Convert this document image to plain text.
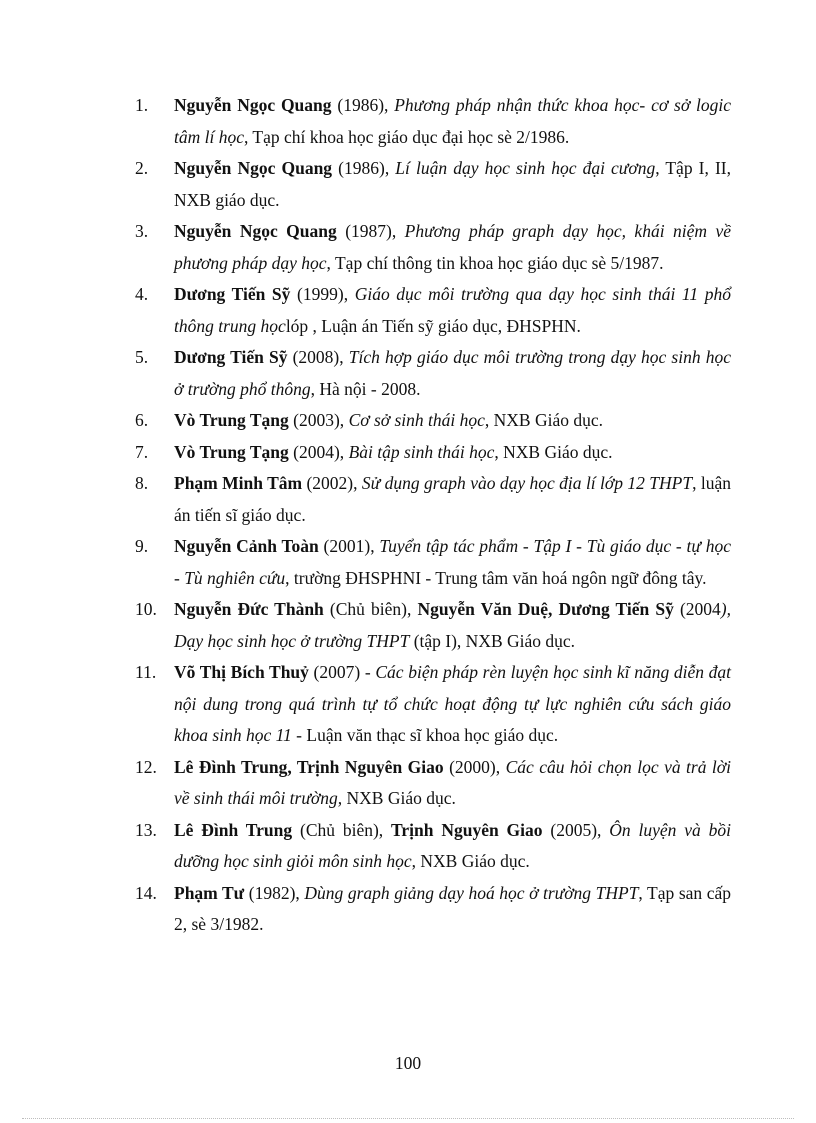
1.	Nguyễn Ngọc Quang (1986), Phương pháp nhận thức khoa học- cơ sở logic tâm lí học, Tạp chí khoa học giáo dục đại học sè 2/1986.
2.	Nguyễn Ngọc Quang (1986), Lí luận dạy học sinh học đại cương, Tập I, II, NXB giáo dục.
3.	Nguyễn Ngọc Quang (1987), Phương pháp graph dạy học, khái niệm về phương pháp dạy học, Tạp chí thông tin khoa học giáo dục sè 5/1987.
4.	Dương Tiến Sỹ (1999), Giáo dục môi trường qua dạy học sinh thái 11 phổ thông trung họclóp , Luận án Tiến sỹ giáo dục, ĐHSPHN.
5.	Dương Tiến Sỹ (2008), Tích hợp giáo dục môi trường trong dạy học sinh học ở trường phổ thông, Hà nội - 2008.
6.	Vò Trung Tạng (2003), Cơ sở sinh thái học, NXB Giáo dục.
7.	Vò Trung Tạng (2004), Bài tập sinh thái học, NXB Giáo dục.
8.	Phạm Minh Tâm (2002), Sử dụng graph vào dạy học địa lí lớp 12 THPT, luận án tiến sĩ giáo dục.
9.	Nguyễn Cảnh Toàn (2001), Tuyển tập tác phẩm - Tập I - Tù giáo dục - tự học - Tù nghiên cứu, trường ĐHSPHNI - Trung tâm văn hoá ngôn ngữ đông tây.
10. Nguyễn Đức Thành (Chủ biên), Nguyễn Văn Duệ, Dương Tiến Sỹ (2004), Dạy học sinh học ở trường THPT (tập I), NXB Giáo dục.
11.	Võ Thị Bích Thuỷ (2007) - Các biện pháp rèn luyện học sinh kĩ năng diễn đạt nội dung trong quá trình tự tổ chức hoạt động tự lực nghiên cứu sách giáo khoa sinh học 11 - Luận văn thạc sĩ khoa học giáo dục.
12. Lê Đình Trung, Trịnh Nguyên Giao (2000), Các câu hỏi chọn lọc và trả lời về sinh thái môi trường, NXB Giáo dục.
13. Lê Đình Trung (Chủ biên), Trịnh Nguyên Giao (2005), Ôn luyện và bồi dưỡng học sinh giỏi môn sinh học, NXB Giáo dục.
14. Phạm Tư (1982), Dùng graph giảng dạy hoá học ở trường THPT, Tạp san cấp 2, sè 3/1982.
100
